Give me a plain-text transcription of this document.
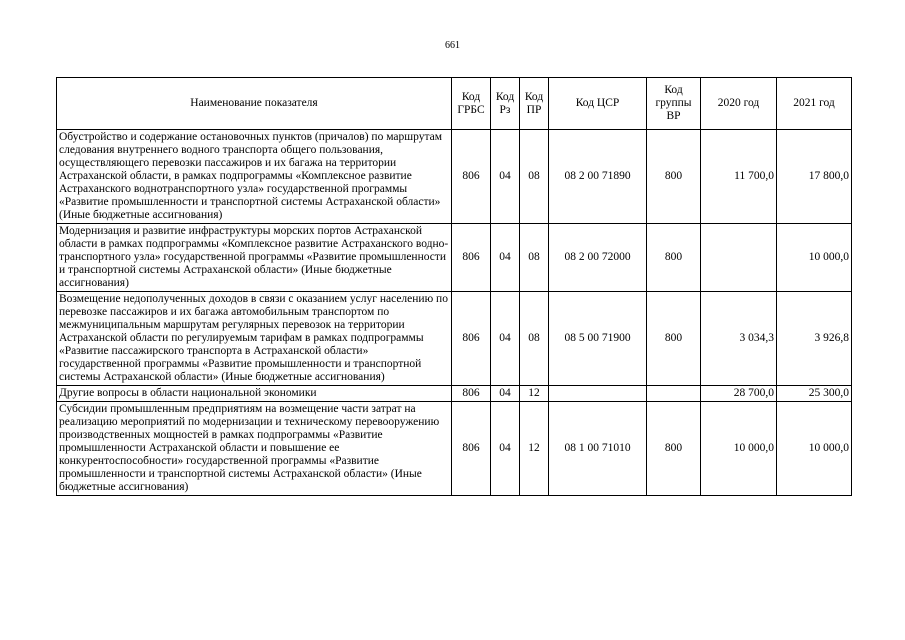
661
Наименование показателя	Код ГРБС	Код Рз	Код ПР	Код ЦСР	Код группы ВР	2020 год	2021 год
Обустройство и содержание остановочных пунктов (причалов) по маршрутам следования внутреннего водного транспорта общего пользования, осуществляющего перевозки пассажиров и их багажа на территории Астраханской области, в рамках подпрограммы «Комплексное развитие Астраханского воднотранспортного узла» государственной программы «Развитие промышленности и транспортной системы Астраханской области» (Иные бюджетные ассигнования)	806	04	08	08 2 00 71890	800	11 700,0	17 800,0
Модернизация и развитие инфраструктуры морских портов Астраханской области в рамках подпрограммы «Комплексное развитие Астраханского воднотранспортного узла» государственной программы «Развитие промышленности и транспортной системы Астраханской области» (Иные бюджетные ассигнования)	806	04	08	08 2 00 72000	800		10 000,0
Возмещение недополученных доходов в связи с оказанием услуг населению по перевозке пассажиров и их багажа автомобильным транспортом по межмуниципальным маршрутам регулярных перевозок на территории Астраханской области по регулируемым тарифам в рамках подпрограммы «Развитие пассажирского транспорта в Астраханской области» государственной программы «Развитие промышленности и транспортной системы Астраханской области» (Иные бюджетные ассигнования)	806	04	08	08 5 00 71900	800	3 034,3	3 926,8
Другие вопросы в области национальной экономики	806	04	12			28 700,0	25 300,0
Субсидии промышленным предприятиям на возмещение части затрат на реализацию мероприятий по модернизации и техническому перевооружению производственных мощностей в рамках подпрограммы «Развитие промышленности Астраханской области и повышение ее конкурентоспособности» государственной программы «Развитие промышленности и транспортной системы Астраханской области» (Иные бюджетные ассигнования)	806	04	12	08 1 00 71010	800	10 000,0	10 000,0
